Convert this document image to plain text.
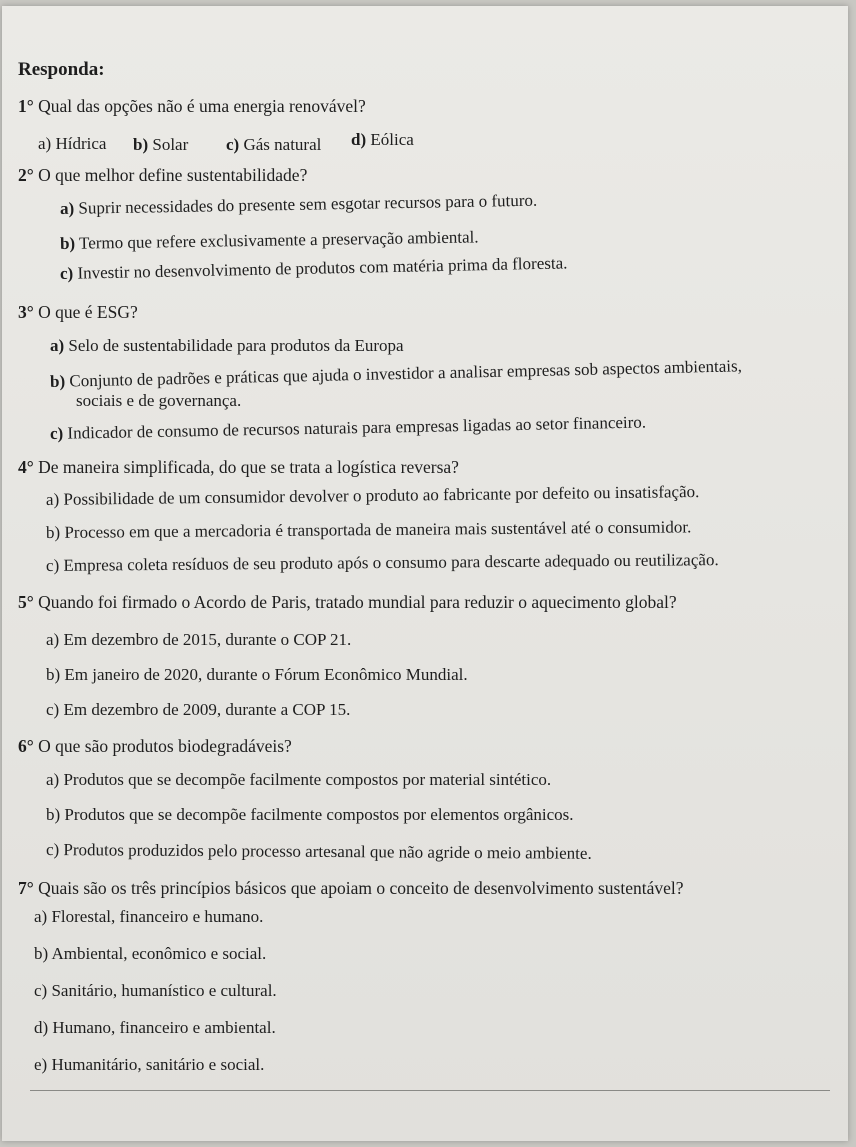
Responda:
1° Qual das opções não é uma energia renovável?
a) Hídrica b) Solar c) Gás natural d) Eólica
2° O que melhor define sustentabilidade?
a) Suprir necessidades do presente sem esgotar recursos para o futuro.
b) Termo que refere exclusivamente a preservação ambiental.
c) Investir no desenvolvimento de produtos com matéria prima da floresta.
3° O que é ESG?
a) Selo de sustentabilidade para produtos da Europa
b) Conjunto de padrões e práticas que ajuda o investidor a analisar empresas sob aspectos ambientais,
sociais e de governança.
c) Indicador de consumo de recursos naturais para empresas ligadas ao setor financeiro.
4° De maneira simplificada, do que se trata a logística reversa?
a) Possibilidade de um consumidor devolver o produto ao fabricante por defeito ou insatisfação.
b) Processo em que a mercadoria é transportada de maneira mais sustentável até o consumidor.
c) Empresa coleta resíduos de seu produto após o consumo para descarte adequado ou reutilização.
5° Quando foi firmado o Acordo de Paris, tratado mundial para reduzir o aquecimento global?
a) Em dezembro de 2015, durante o COP 21.
b) Em janeiro de 2020, durante o Fórum Econômico Mundial.
c) Em dezembro de 2009, durante a COP 15.
6° O que são produtos biodegradáveis?
a) Produtos que se decompõe facilmente compostos por material sintético.
b) Produtos que se decompõe facilmente compostos por elementos orgânicos.
c) Produtos produzidos pelo processo artesanal que não agride o meio ambiente.
7° Quais são os três princípios básicos que apoiam o conceito de desenvolvimento sustentável?
a) Florestal, financeiro e humano.
b) Ambiental, econômico e social.
c) Sanitário, humanístico e cultural.
d) Humano, financeiro e ambiental.
e) Humanitário, sanitário e social.
